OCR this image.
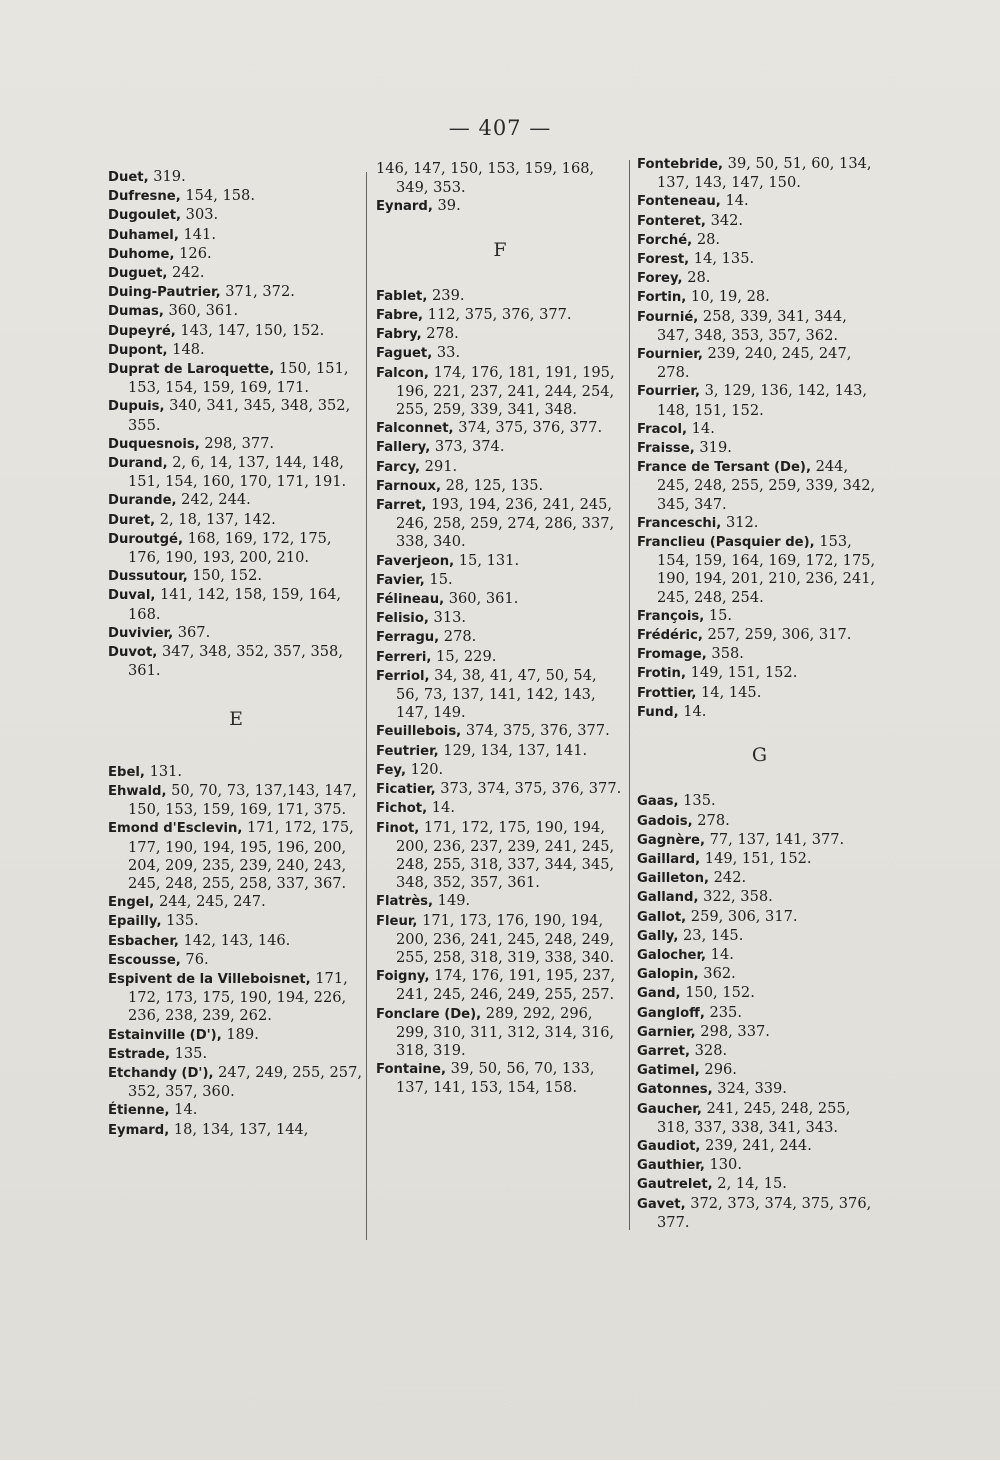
— 407 —

Duet, 319.

Dufresne, 154, 158.

Dugoulet, 303.

Duhamel, 141.

Duhome, 126.

Duguet, 242.

Duing-Pautrier, 371, 372.

Dumas, 360, 361.

Dupeyré, 143, 147, 150, 152.

Dupont, 148.

Duprat de Laroquette, 150, 151, 153, 154, 159, 169, 171.

Dupuis, 340, 341, 345, 348, 352, 355.

Duquesnois, 298, 377.

Durand, 2, 6, 14, 137, 144, 148, 151, 154, 160, 170, 171, 191.

Durande, 242, 244.

Duret, 2, 18, 137, 142.

Duroutgé, 168, 169, 172, 175, 176, 190, 193, 200, 210.

Dussutour, 150, 152.

Duval, 141, 142, 158, 159, 164, 168.

Duvivier, 367.

Duvot, 347, 348, 352, 357, 358, 361.

E

Ebel, 131.

Ehwald, 50, 70, 73, 137,143, 147, 150, 153, 159, 169, 171, 375.

Emond d'Esclevin, 171, 172, 175, 177, 190, 194, 195, 196, 200, 204, 209, 235, 239, 240, 243, 245, 248, 255, 258, 337, 367.

Engel, 244, 245, 247.

Epailly, 135.

Esbacher, 142, 143, 146.

Escousse, 76.

Espivent de la Villeboisnet, 171, 172, 173, 175, 190, 194, 226, 236, 238, 239, 262.

Estainville (D'), 189.

Estrade, 135.

Etchandy (D'), 247, 249, 255, 257, 352, 357, 360.

Étienne, 14.

Eymard, 18, 134, 137, 144,

146, 147, 150, 153, 159, 168, 349, 353.

Eynard, 39.

F

Fablet, 239.

Fabre, 112, 375, 376, 377.

Fabry, 278.

Faguet, 33.

Falcon, 174, 176, 181, 191, 195, 196, 221, 237, 241, 244, 254, 255, 259, 339, 341, 348.

Falconnet, 374, 375, 376, 377.

Fallery, 373, 374.

Farcy, 291.

Farnoux, 28, 125, 135.

Farret, 193, 194, 236, 241, 245, 246, 258, 259, 274, 286, 337, 338, 340.

Faverjeon, 15, 131.

Favier, 15.

Félineau, 360, 361.

Felisio, 313.

Ferragu, 278.

Ferreri, 15, 229.

Ferriol, 34, 38, 41, 47, 50, 54, 56, 73, 137, 141, 142, 143, 147, 149.

Feuillebois, 374, 375, 376, 377.

Feutrier, 129, 134, 137, 141.

Fey, 120.

Ficatier, 373, 374, 375, 376, 377.

Fichot, 14.

Finot, 171, 172, 175, 190, 194, 200, 236, 237, 239, 241, 245, 248, 255, 318, 337, 344, 345, 348, 352, 357, 361.

Flatrès, 149.

Fleur, 171, 173, 176, 190, 194, 200, 236, 241, 245, 248, 249, 255, 258, 318, 319, 338, 340.

Foigny, 174, 176, 191, 195, 237, 241, 245, 246, 249, 255, 257.

Fonclare (De), 289, 292, 296, 299, 310, 311, 312, 314, 316, 318, 319.

Fontaine, 39, 50, 56, 70, 133, 137, 141, 153, 154, 158.

Fontebride, 39, 50, 51, 60, 134, 137, 143, 147, 150.

Fonteneau, 14.

Fonteret, 342.

Forché, 28.

Forest, 14, 135.

Forey, 28.

Fortin, 10, 19, 28.

Fournié, 258, 339, 341, 344, 347, 348, 353, 357, 362.

Fournier, 239, 240, 245, 247, 278.

Fourrier, 3, 129, 136, 142, 143, 148, 151, 152.

Fracol, 14.

Fraisse, 319.

France de Tersant (De), 244, 245, 248, 255, 259, 339, 342, 345, 347.

Franceschi, 312.

Franclieu (Pasquier de), 153, 154, 159, 164, 169, 172, 175, 190, 194, 201, 210, 236, 241, 245, 248, 254.

François, 15.

Frédéric, 257, 259, 306, 317.

Fromage, 358.

Frotin, 149, 151, 152.

Frottier, 14, 145.

Fund, 14.

G

Gaas, 135.

Gadois, 278.

Gagnère, 77, 137, 141, 377.

Gaillard, 149, 151, 152.

Gailleton, 242.

Galland, 322, 358.

Gallot, 259, 306, 317.

Gally, 23, 145.

Galocher, 14.

Galopin, 362.

Gand, 150, 152.

Gangloff, 235.

Garnier, 298, 337.

Garret, 328.

Gatimel, 296.

Gatonnes, 324, 339.

Gaucher, 241, 245, 248, 255, 318, 337, 338, 341, 343.

Gaudiot, 239, 241, 244.

Gauthier, 130.

Gautrelet, 2, 14, 15.

Gavet, 372, 373, 374, 375, 376, 377.
